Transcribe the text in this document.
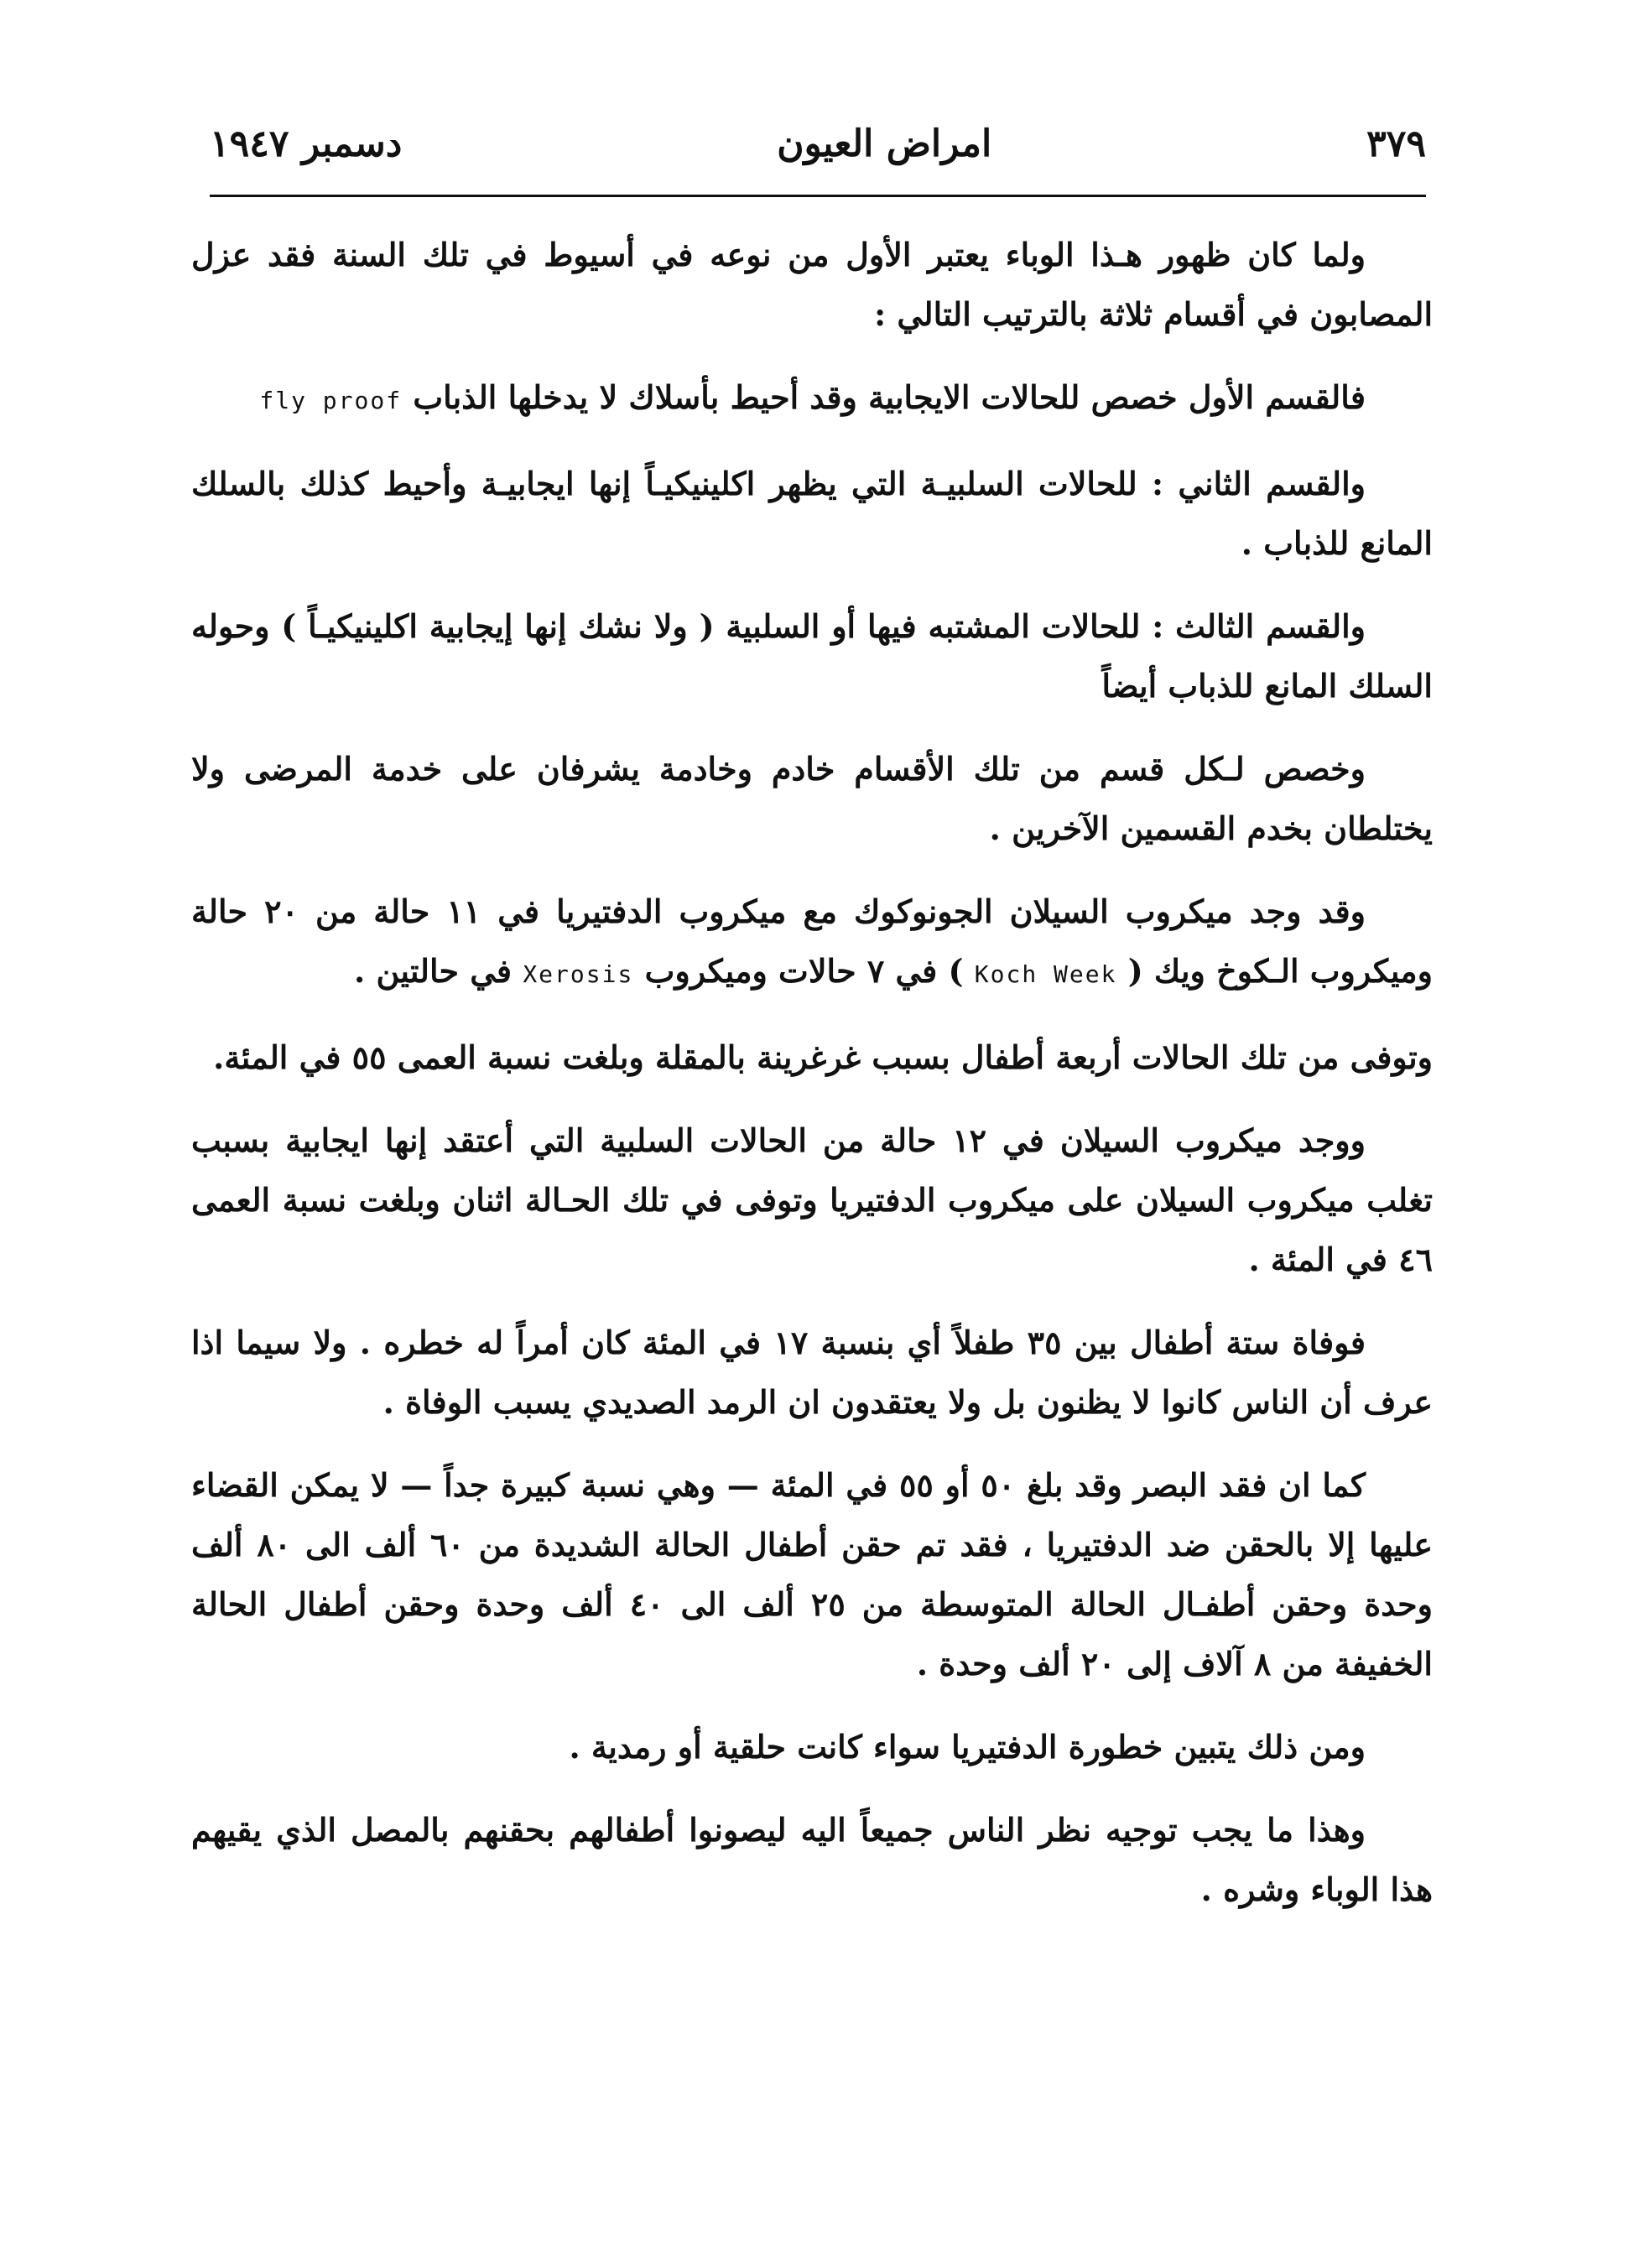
دسمبر ١٩٤٧	امراض العيون	٣٧٩

ولما كان ظهور هـذا الوباء يعتبر الأول من نوعه في أسيوط في تلك السنة فقد عزل المصابون في أقسام ثلاثة بالترتيب التالي :

فالقسم الأول خصص للحالات الايجابية وقد أحيط بأسلاك لا يدخلها الذباب fly proof

والقسم الثاني : للحالات السلبيـة التي يظهر اكلينيكيـاً إنها ايجابيـة وأحيط كذلك بالسلك المانع للذباب .

والقسم الثالث : للحالات المشتبه فيها أو السلبية ( ولا نشك إنها إيجابية اكلينيكيـاً ) وحوله السلك المانع للذباب أيضاً

وخصص لـكل قسم من تلك الأقسام خادم وخادمة يشرفان على خدمة المرضى ولا يختلطان بخدم القسمين الآخرين .

وقد وجد ميكروب السيلان الجونوكوك مع ميكروب الدفتيريا في ١١ حالة من ٢٠ حالة وميكروب الـكوخ ويك ( Koch Week ) في ٧ حالات وميكروب Xerosis في حالتين .

وتوفى من تلك الحالات أربعة أطفال بسبب غرغرينة بالمقلة وبلغت نسبة العمى ٥٥ في المئة.

ووجد ميكروب السيلان في ١٢ حالة من الحالات السلبية التي أعتقد إنها ايجابية بسبب تغلب ميكروب السيلان على ميكروب الدفتيريا وتوفى في تلك الحـالة اثنان وبلغت نسبة العمى ٤٦ في المئة .

فوفاة ستة أطفال بين ٣٥ طفلاً أي بنسبة ١٧ في المئة كان أمراً له خطره . ولا سيما اذا عرف أن الناس كانوا لا يظنون بل ولا يعتقدون ان الرمد الصديدي يسبب الوفاة .

كما ان فقد البصر وقد بلغ ٥٠ أو ٥٥ في المئة — وهي نسبة كبيرة جداً — لا يمكن القضاء عليها إلا بالحقن ضد الدفتيريا ، فقد تم حقن أطفال الحالة الشديدة من ٦٠ ألف الى ٨٠ ألف وحدة وحقن أطفـال الحالة المتوسطة من ٢٥ ألف الى ٤٠ ألف وحدة وحقن أطفال الحالة الخفيفة من ٨ آلاف إلى ٢٠ ألف وحدة .

ومن ذلك يتبين خطورة الدفتيريا سواء كانت حلقية أو رمدية .

وهذا ما يجب توجيه نظر الناس جميعاً اليه ليصونوا أطفالهم بحقنهم بالمصل الذي يقيهم هذا الوباء وشره .
